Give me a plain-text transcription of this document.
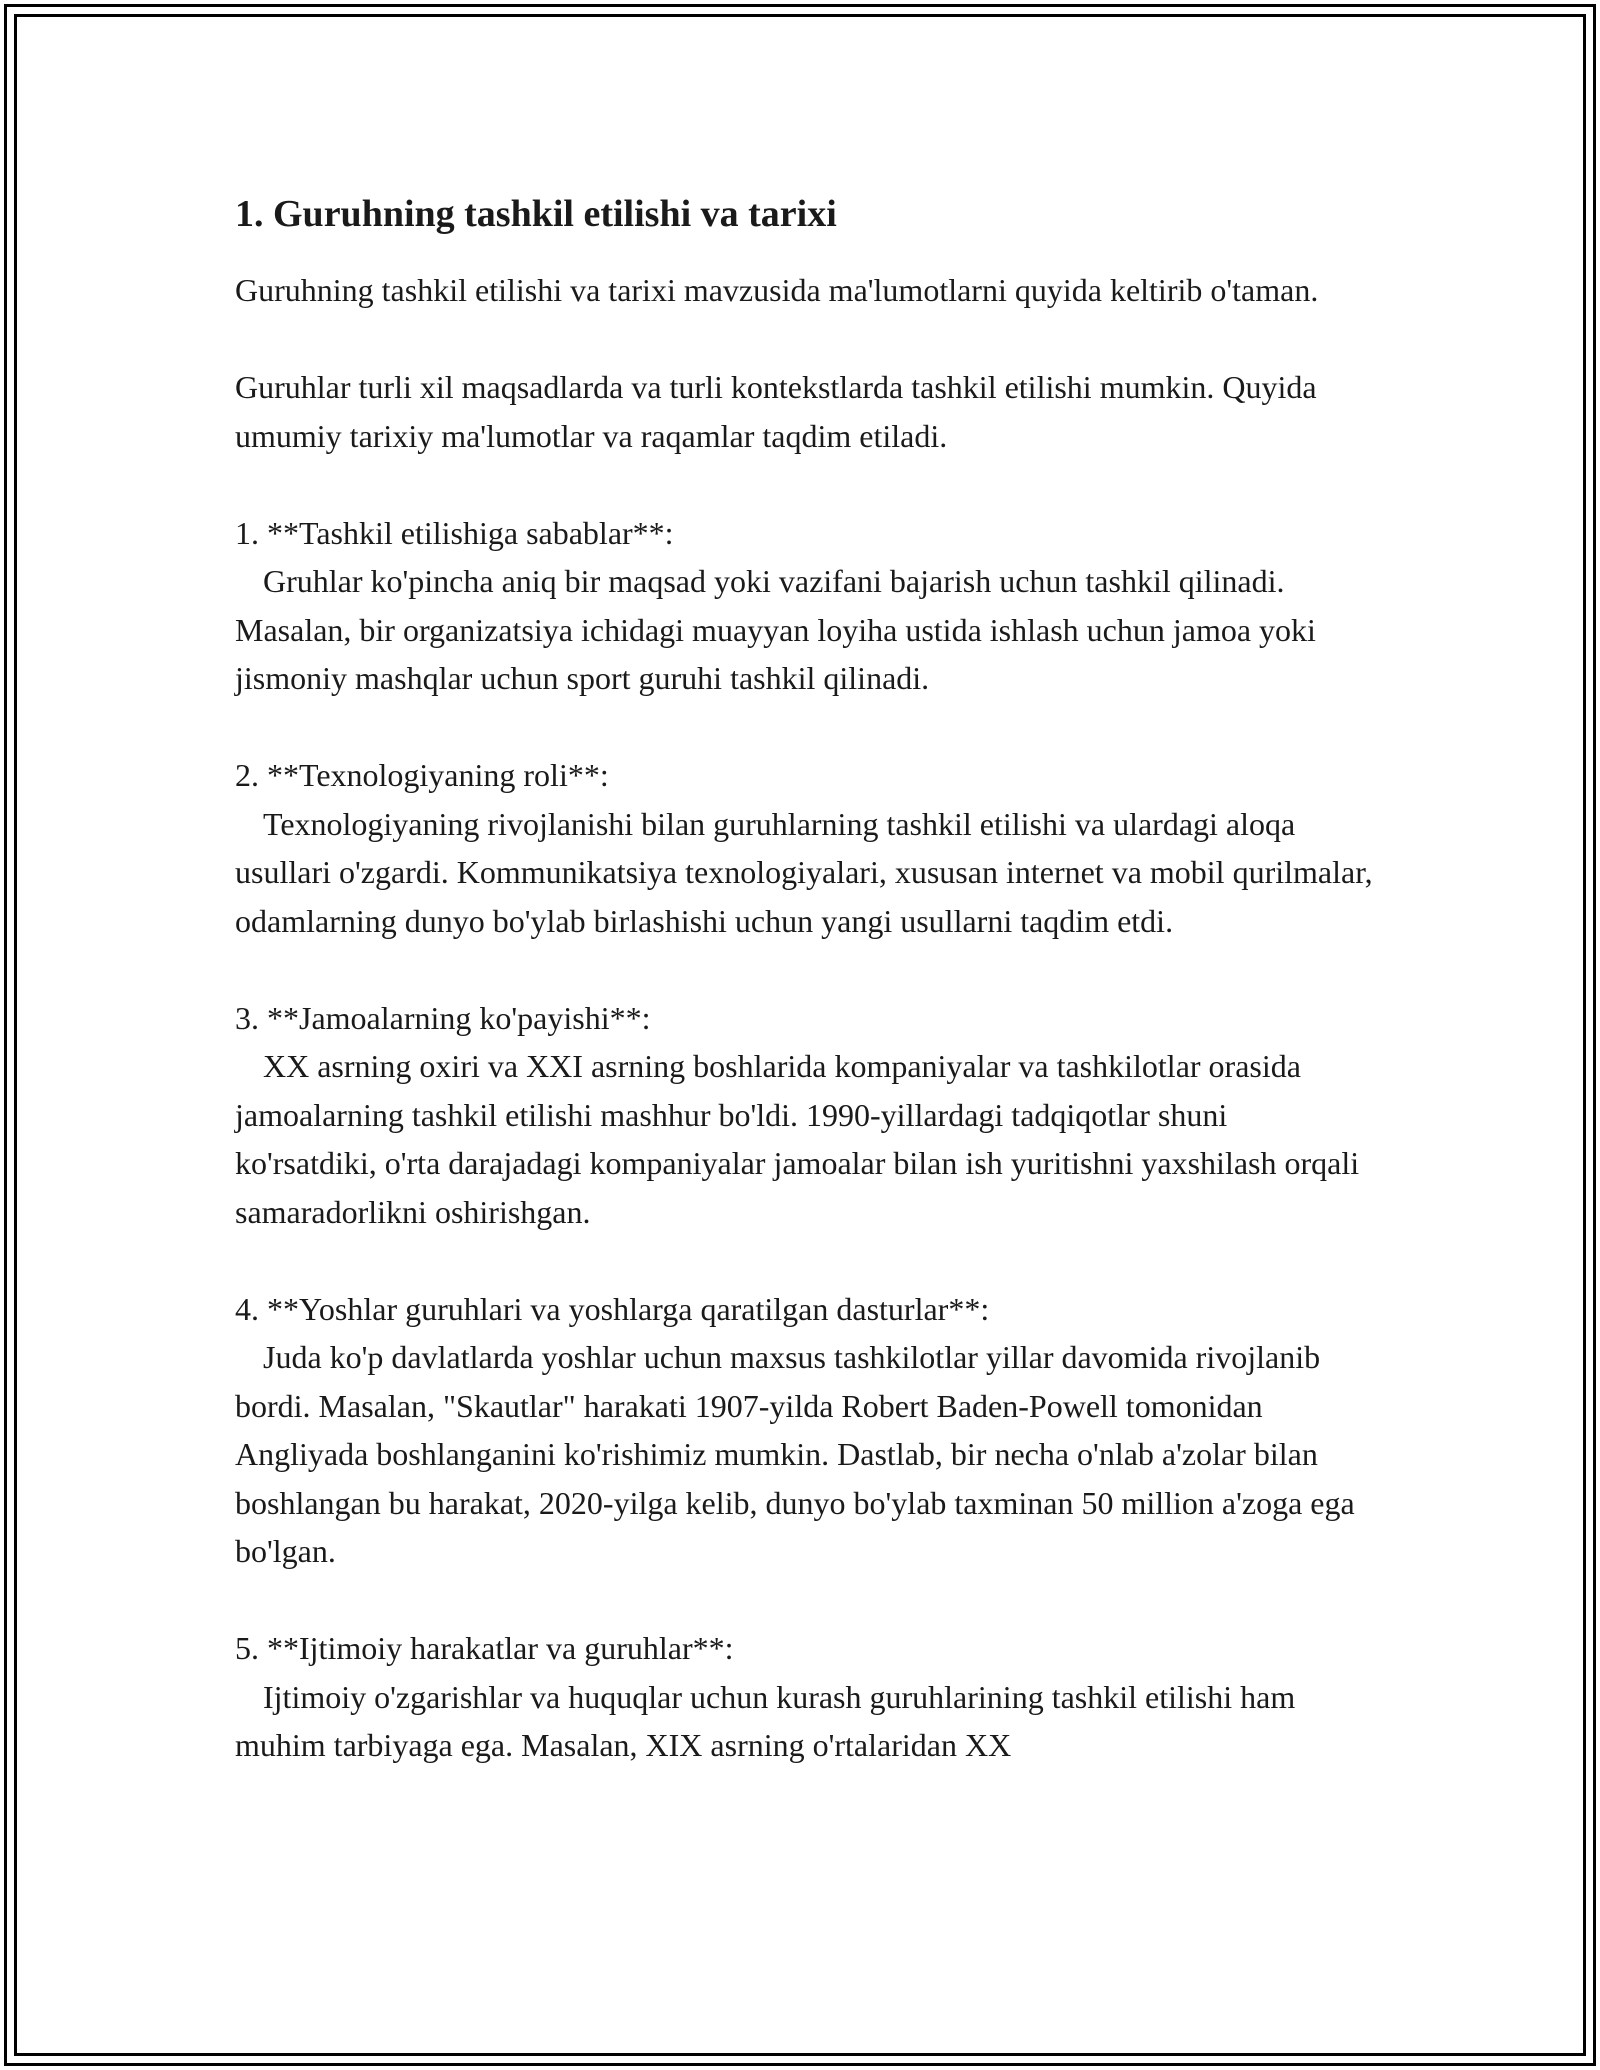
1. Guruhning tashkil etilishi va tarixi
Guruhning tashkil etilishi va tarixi mavzusida ma'lumotlarni quyida keltirib o'taman.
Guruhlar turli xil maqsadlarda va turli kontekstlarda tashkil etilishi mumkin. Quyida umumiy tarixiy ma'lumotlar va raqamlar taqdim etiladi.
1. **Tashkil etilishiga sabablar**:
Gruhlar ko'pincha aniq bir maqsad yoki vazifani bajarish uchun tashkil qilinadi. Masalan, bir organizatsiya ichidagi muayyan loyiha ustida ishlash uchun jamoa yoki jismoniy mashqlar uchun sport guruhi tashkil qilinadi.
2. **Texnologiyaning roli**:
Texnologiyaning rivojlanishi bilan guruhlarning tashkil etilishi va ulardagi aloqa usullari o'zgardi. Kommunikatsiya texnologiyalari, xususan internet va mobil qurilmalar, odamlarning dunyo bo'ylab birlashishi uchun yangi usullarni taqdim etdi.
3. **Jamoalarning ko'payishi**:
XX asrning oxiri va XXI asrning boshlarida kompaniyalar va tashkilotlar orasida jamoalarning tashkil etilishi mashhur bo'ldi. 1990-yillardagi tadqiqotlar shuni ko'rsatdiki, o'rta darajadagi kompaniyalar jamoalar bilan ish yuritishni yaxshilash orqali samaradorlikni oshirishgan.
4. **Yoshlar guruhlari va yoshlarga qaratilgan dasturlar**:
Juda ko'p davlatlarda yoshlar uchun maxsus tashkilotlar yillar davomida rivojlanib bordi. Masalan, "Skautlar" harakati 1907-yilda Robert Baden-Powell tomonidan Angliyada boshlanganini ko'rishimiz mumkin. Dastlab, bir necha o'nlab a'zolar bilan boshlangan bu harakat, 2020-yilga kelib, dunyo bo'ylab taxminan 50 million a'zoga ega bo'lgan.
5. **Ijtimoiy harakatlar va guruhlar**:
Ijtimoiy o'zgarishlar va huquqlar uchun kurash guruhlarining tashkil etilishi ham muhim tarbiyaga ega. Masalan, XIX asrning o'rtalaridan XX
